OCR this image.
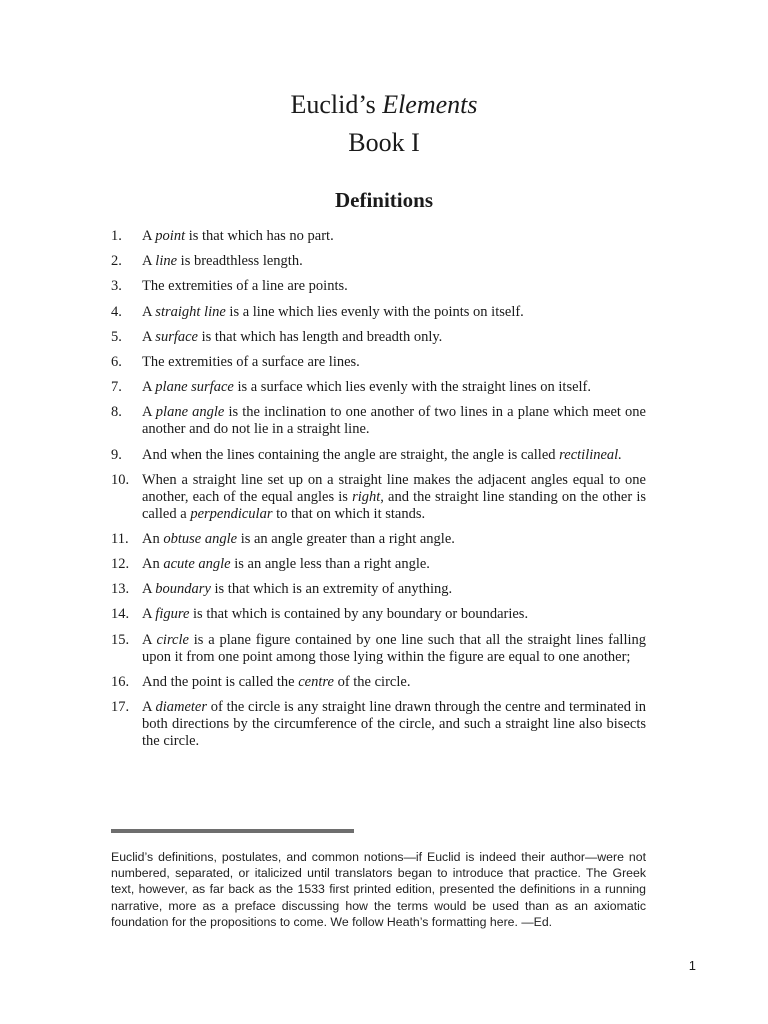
Euclid’s Elements
Book I
Definitions
1.	A point is that which has no part.
2.	A line is breadthless length.
3.	The extremities of a line are points.
4.	A straight line is a line which lies evenly with the points on itself.
5.	A surface is that which has length and breadth only.
6.	The extremities of a surface are lines.
7.	A plane surface is a surface which lies evenly with the straight lines on itself.
8.	A plane angle is the inclination to one another of two lines in a plane which meet one another and do not lie in a straight line.
9.	And when the lines containing the angle are straight, the angle is called rectilineal.
10. When a straight line set up on a straight line makes the adjacent angles equal to one another, each of the equal angles is right, and the straight line standing on the other is called a perpendicular to that on which it stands.
11. An obtuse angle is an angle greater than a right angle.
12. An acute angle is an angle less than a right angle.
13. A boundary is that which is an extremity of anything.
14. A figure is that which is contained by any boundary or boundaries.
15. A circle is a plane figure contained by one line such that all the straight lines falling upon it from one point among those lying within the figure are equal to one another;
16. And the point is called the centre of the circle.
17. A diameter of the circle is any straight line drawn through the centre and terminated in both directions by the circumference of the circle, and such a straight line also bisects the circle.
Euclid’s definitions, postulates, and common notions—if Euclid is indeed their author—were not numbered, separated, or italicized until translators began to introduce that practice. The Greek text, however, as far back as the 1533 first printed edition, presented the definitions in a running narrative, more as a preface discussing how the terms would be used than as an axiomatic foundation for the propositions to come. We follow Heath’s formatting here. —Ed.
1
